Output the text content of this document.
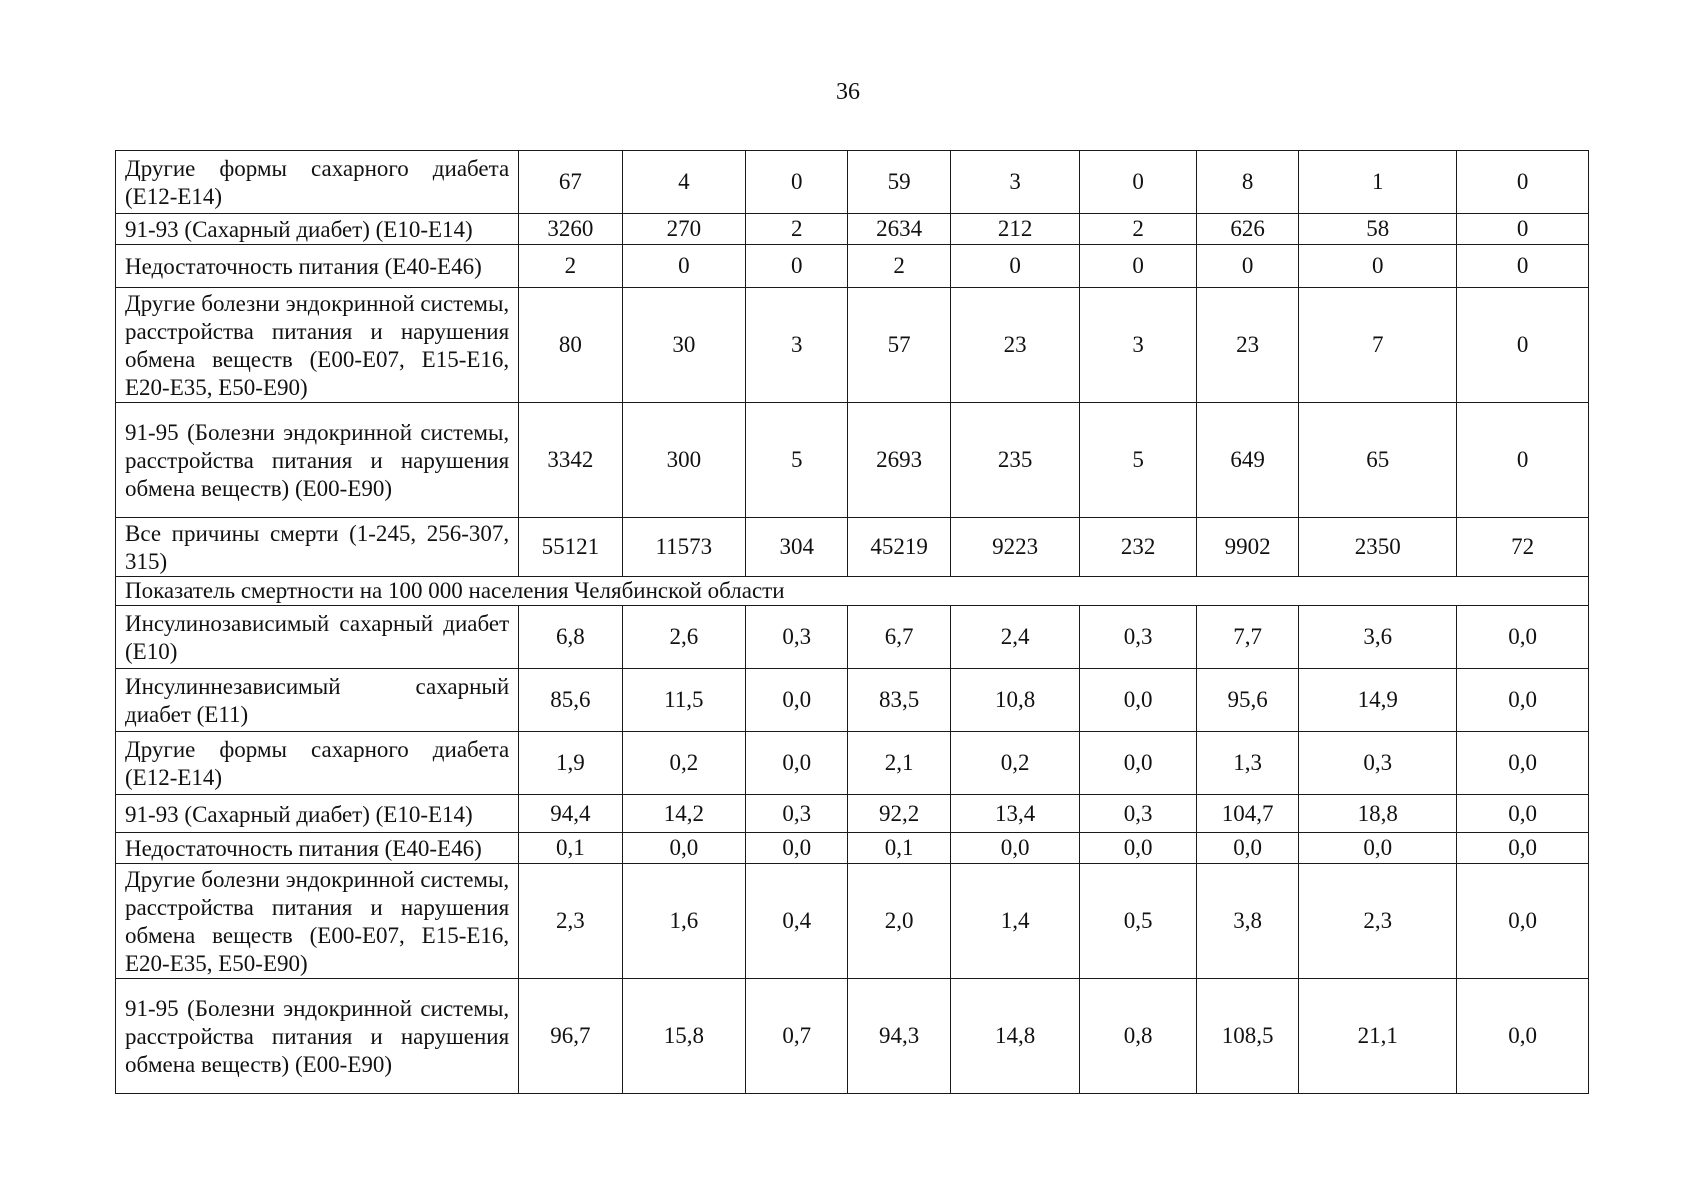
36
Другие формы сахарного диабета (Е12-Е14)	67	4	0	59	3	0	8	1	0
91-93 (Сахарный диабет) (Е10-Е14)	3260	270	2	2634	212	2	626	58	0
Недостаточность питания (Е40-Е46)	2	0	0	2	0	0	0	0	0
Другие болезни эндокринной системы, расстройства питания и нарушения обмена веществ (Е00-Е07, Е15-Е16, Е20-Е35, Е50-Е90)	80	30	3	57	23	3	23	7	0
91-95 (Болезни эндокринной системы, расстройства питания и нарушения обмена веществ) (Е00-Е90)	3342	300	5	2693	235	5	649	65	0
Все причины смерти (1-245, 256-307, 315)	55121	11573	304	45219	9223	232	9902	2350	72
Показатель смертности на 100 000 населения Челябинской области									
Инсулинозависимый сахарный диабет (Е10)	6,8	2,6	0,3	6,7	2,4	0,3	7,7	3,6	0,0
Инсулиннезависимый сахарный диабет (Е11)	85,6	11,5	0,0	83,5	10,8	0,0	95,6	14,9	0,0
Другие формы сахарного диабета (Е12-Е14)	1,9	0,2	0,0	2,1	0,2	0,0	1,3	0,3	0,0
91-93 (Сахарный диабет) (Е10-Е14)	94,4	14,2	0,3	92,2	13,4	0,3	104,7	18,8	0,0
Недостаточность питания (Е40-Е46)	0,1	0,0	0,0	0,1	0,0	0,0	0,0	0,0	0,0
Другие болезни эндокринной системы, расстройства питания и нарушения обмена веществ (Е00-Е07, Е15-Е16, Е20-Е35, Е50-Е90)	2,3	1,6	0,4	2,0	1,4	0,5	3,8	2,3	0,0
91-95 (Болезни эндокринной системы, расстройства питания и нарушения обмена веществ) (Е00-Е90)	96,7	15,8	0,7	94,3	14,8	0,8	108,5	21,1	0,0
